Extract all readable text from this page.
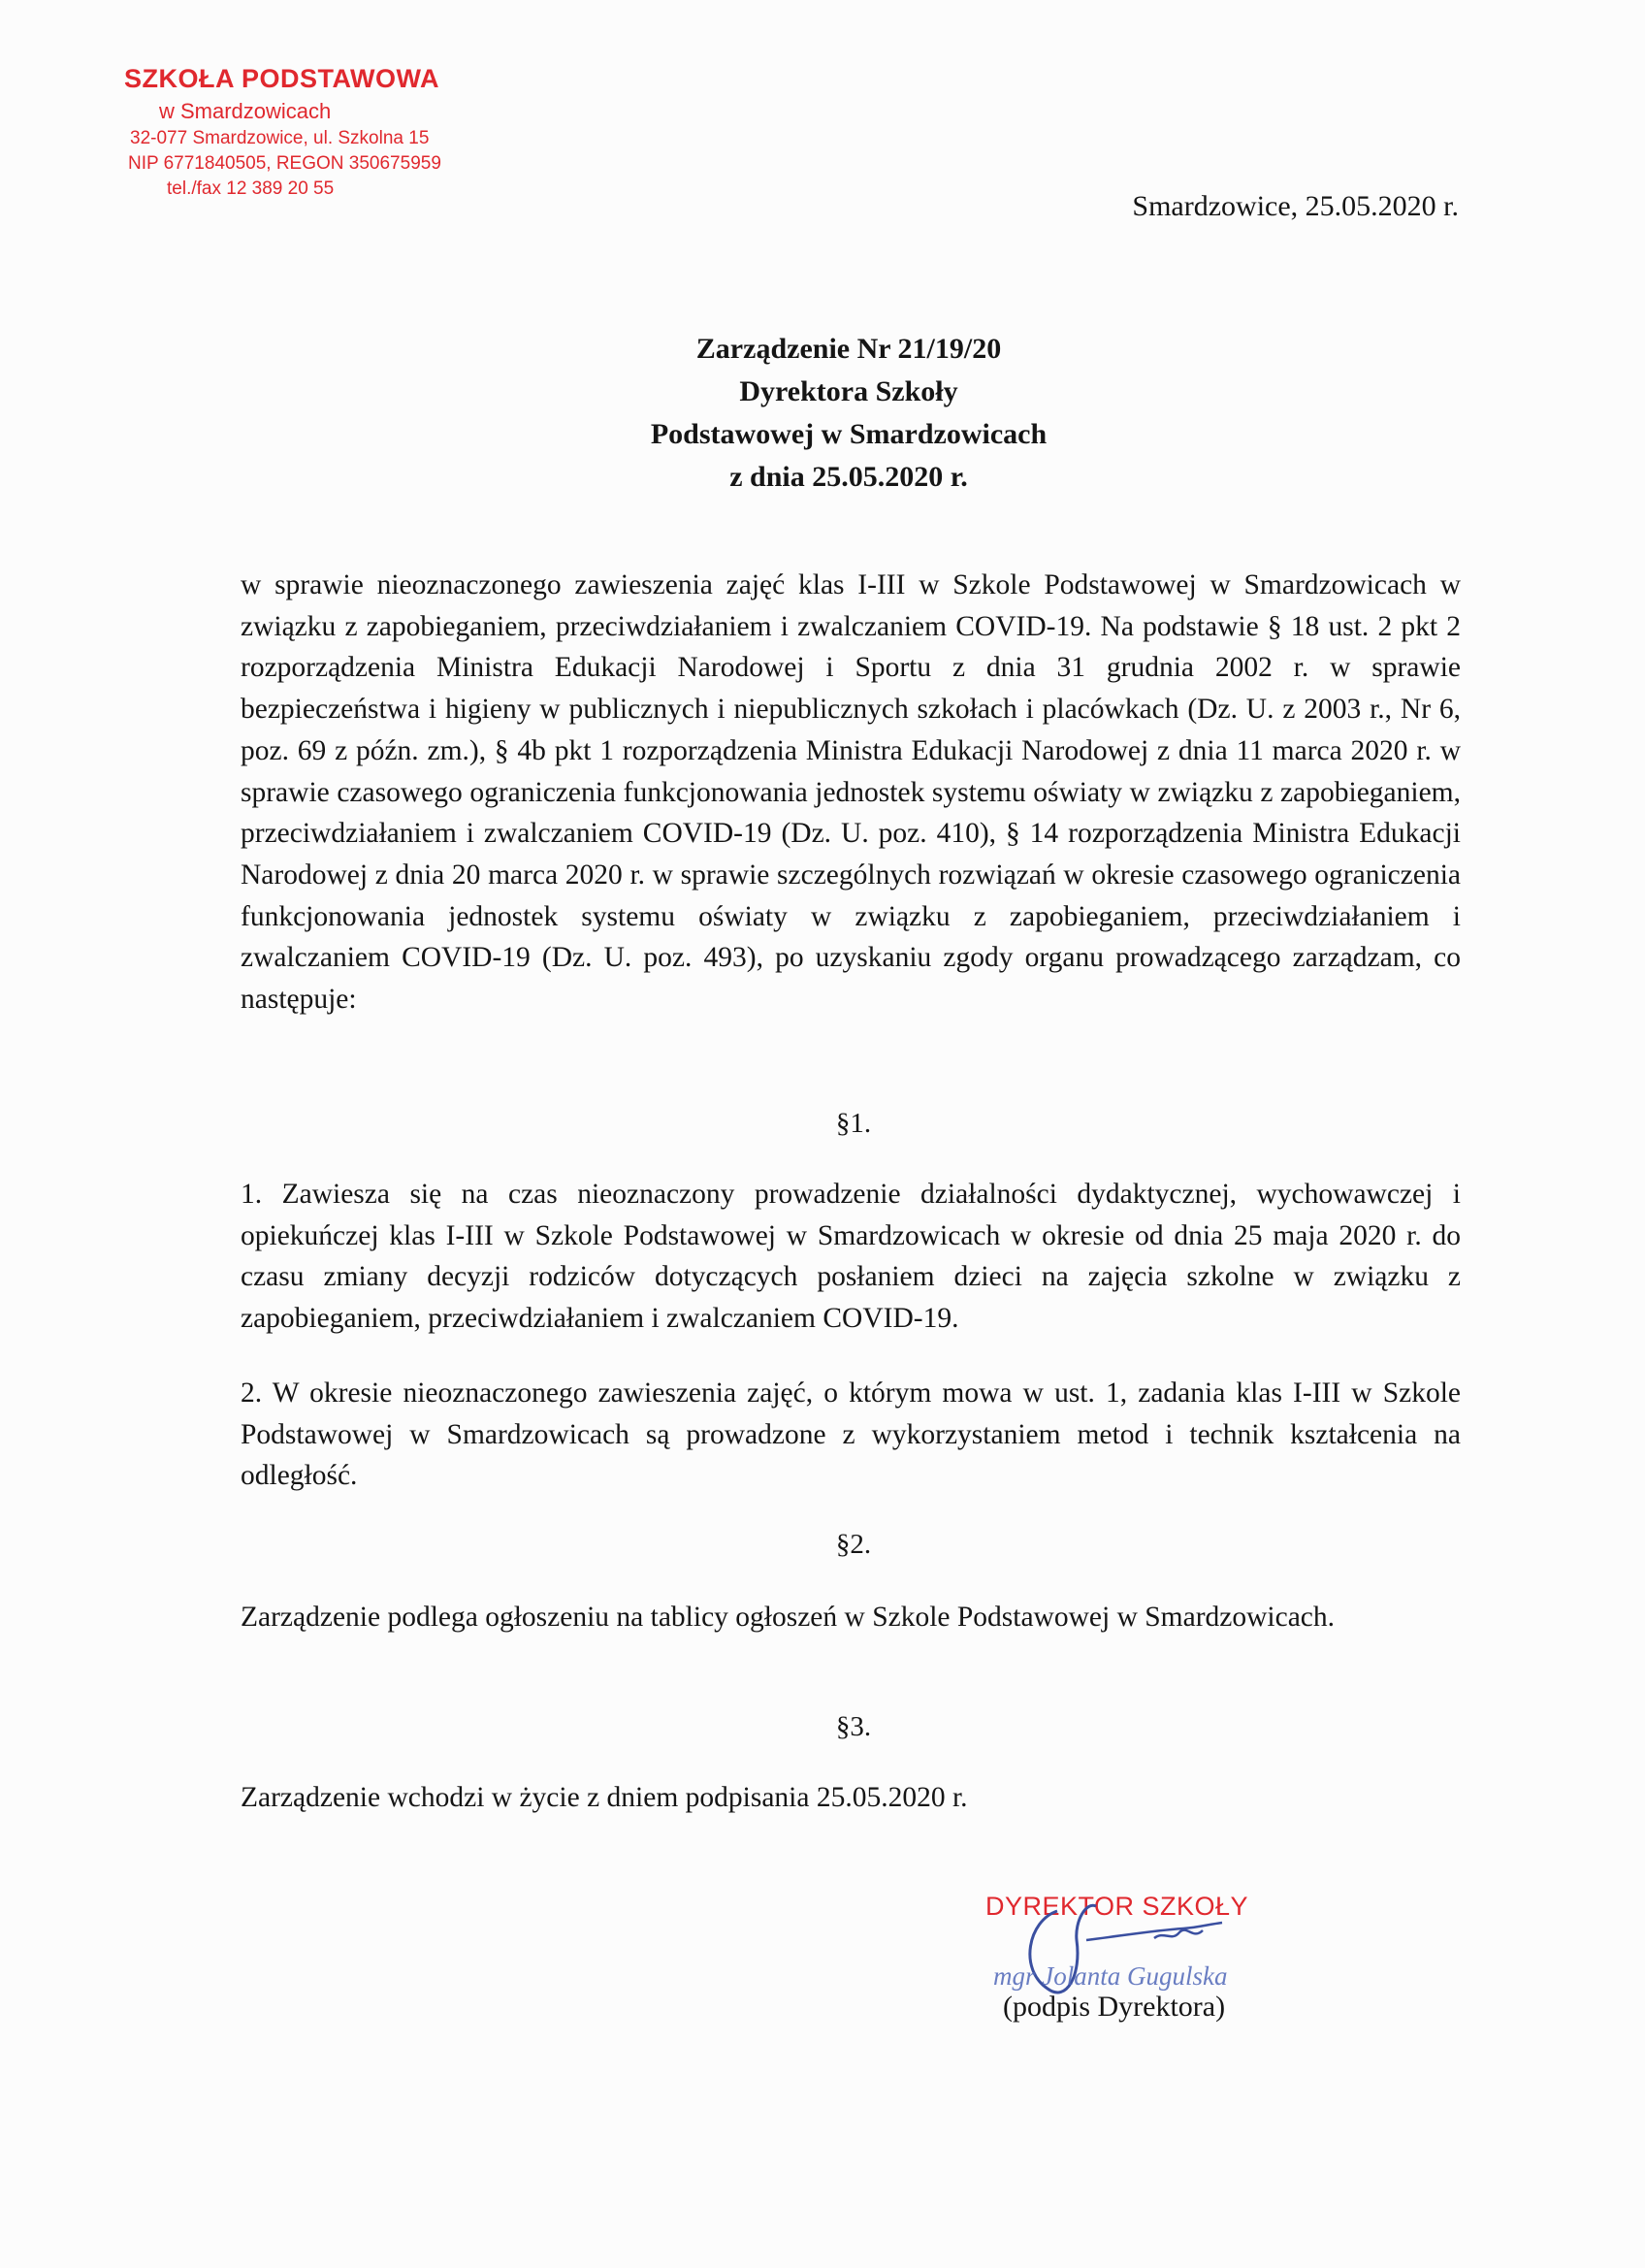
SZKOŁA PODSTAWOWA
w Smardzowicach
32-077 Smardzowice, ul. Szkolna 15
NIP 6771840505, REGON 350675959
tel./fax 12 389 20 55
Smardzowice, 25.05.2020 r.
Zarządzenie Nr 21/19/20
Dyrektora Szkoły
Podstawowej w Smardzowicach
z dnia 25.05.2020 r.
w sprawie nieoznaczonego zawieszenia zajęć klas I-III w Szkole Podstawowej w Smardzowicach w związku z zapobieganiem, przeciwdziałaniem i zwalczaniem COVID-19. Na podstawie § 18 ust. 2 pkt 2 rozporządzenia Ministra Edukacji Narodowej i Sportu z dnia 31 grudnia 2002 r. w sprawie bezpieczeństwa i higieny w publicznych i niepublicznych szkołach i placówkach (Dz. U. z 2003 r., Nr 6, poz. 69 z późn. zm.), § 4b pkt 1 rozporządzenia Ministra Edukacji Narodowej z dnia 11 marca 2020 r. w sprawie czasowego ograniczenia funkcjonowania jednostek systemu oświaty w związku z zapobieganiem, przeciwdziałaniem i zwalczaniem COVID-19 (Dz. U. poz. 410), § 14 rozporządzenia Ministra Edukacji Narodowej z dnia 20 marca 2020 r. w sprawie szczególnych rozwiązań w okresie czasowego ograniczenia funkcjonowania jednostek systemu oświaty w związku z zapobieganiem, przeciwdziałaniem i zwalczaniem COVID-19 (Dz. U. poz. 493), po uzyskaniu zgody organu prowadzącego zarządzam, co następuje:
§1.
1. Zawiesza się na czas nieoznaczony prowadzenie działalności dydaktycznej, wychowawczej i opiekuńczej klas I-III w Szkole Podstawowej w Smardzowicach w okresie od dnia 25 maja 2020 r. do czasu zmiany decyzji rodziców dotyczących posłaniem dzieci na zajęcia szkolne w związku z zapobieganiem, przeciwdziałaniem i zwalczaniem COVID-19.
2. W okresie nieoznaczonego zawieszenia zajęć, o którym mowa w ust. 1, zadania klas I-III w Szkole Podstawowej w Smardzowicach są prowadzone z wykorzystaniem metod i technik kształcenia na odległość.
§2.
Zarządzenie podlega ogłoszeniu na tablicy ogłoszeń w Szkole Podstawowej w Smardzowicach.
§3.
Zarządzenie wchodzi w życie z dniem podpisania 25.05.2020 r.
DYREKTOR SZKOŁY
mgr Jolanta Gugulska
(podpis Dyrektora)
